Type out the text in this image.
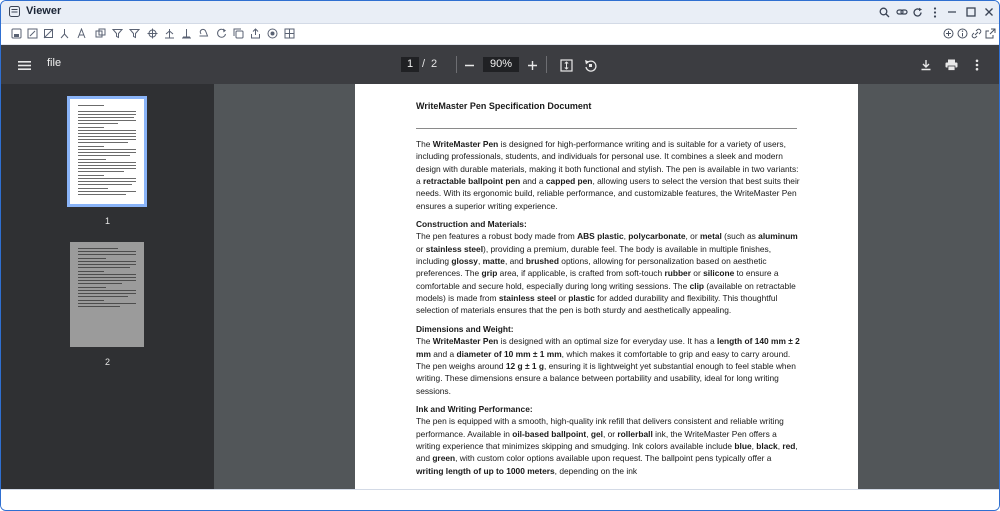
Viewer
file	1 / 2	90%
1
2
WriteMaster Pen Specification Document

The WriteMaster Pen is designed for high-performance writing and is suitable for a variety of users, including professionals, students, and individuals for personal use. It combines a sleek and modern design with durable materials, making it both functional and stylish. The pen is available in two variants: a retractable ballpoint pen and a capped pen, allowing users to select the version that best suits their needs. With its ergonomic build, reliable performance, and customizable features, the WriteMaster Pen ensures a superior writing experience.

Construction and Materials:

The pen features a robust body made from ABS plastic, polycarbonate, or metal (such as aluminum or stainless steel), providing a premium, durable feel. The body is available in multiple finishes, including glossy, matte, and brushed options, allowing for personalization based on aesthetic preferences. The grip area, if applicable, is crafted from soft-touch rubber or silicone to ensure a comfortable and secure hold, especially during long writing sessions. The clip (available on retractable models) is made from stainless steel or plastic for added durability and flexibility. This thoughtful selection of materials ensures that the pen is both sturdy and aesthetically appealing.

Dimensions and Weight:

The WriteMaster Pen is designed with an optimal size for everyday use. It has a length of 140 mm ± 2 mm and a diameter of 10 mm ± 1 mm, which makes it comfortable to grip and easy to carry around. The pen weighs around 12 g ± 1 g, ensuring it is lightweight yet substantial enough to feel stable when writing. These dimensions ensure a balance between portability and usability, ideal for long writing sessions.

Ink and Writing Performance:

The pen is equipped with a smooth, high-quality ink refill that delivers consistent and reliable writing performance. Available in oil-based ballpoint, gel, or rollerball ink, the WriteMaster Pen offers a writing experience that minimizes skipping and smudging. Ink colors available include blue, black, red, and green, with custom color options available upon request. The ballpoint pens typically offer a writing length of up to 1000 meters, depending on the ink
